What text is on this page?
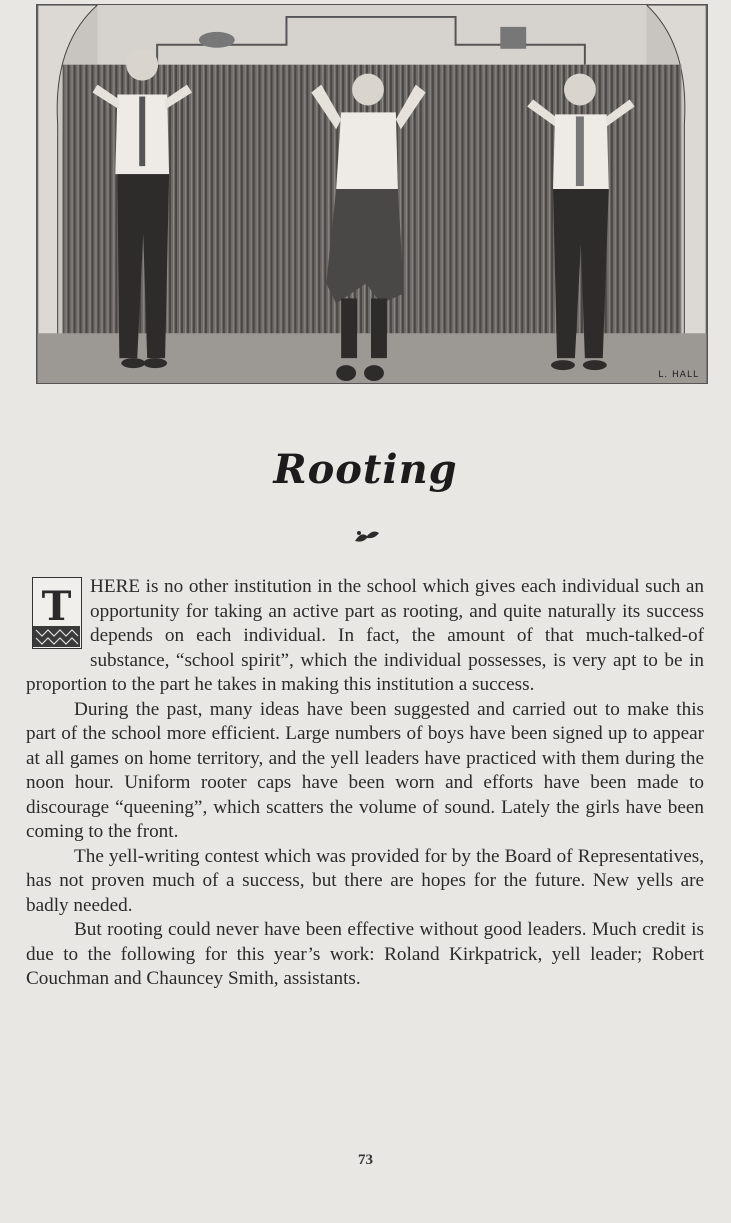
L. HALL
Rooting

T HERE is no other institution in the school which gives each individual such an opportunity for taking an active part as rooting, and quite naturally its success depends on each individual. In fact, the amount of that much-talked-of substance, “school spirit”, which the individual possesses, is very apt to be in proportion to the part he takes in making this institution a success.

During the past, many ideas have been suggested and carried out to make this part of the school more efficient. Large numbers of boys have been signed up to appear at all games on home territory, and the yell leaders have practiced with them during the noon hour. Uniform rooter caps have been worn and efforts have been made to discourage “queening”, which scatters the volume of sound. Lately the girls have been coming to the front.

The yell-writing contest which was provided for by the Board of Representatives, has not proven much of a success, but there are hopes for the future. New yells are badly needed.

But rooting could never have been effective without good leaders. Much credit is due to the following for this year’s work: Roland Kirkpatrick, yell leader; Robert Couchman and Chauncey Smith, assistants.

73
